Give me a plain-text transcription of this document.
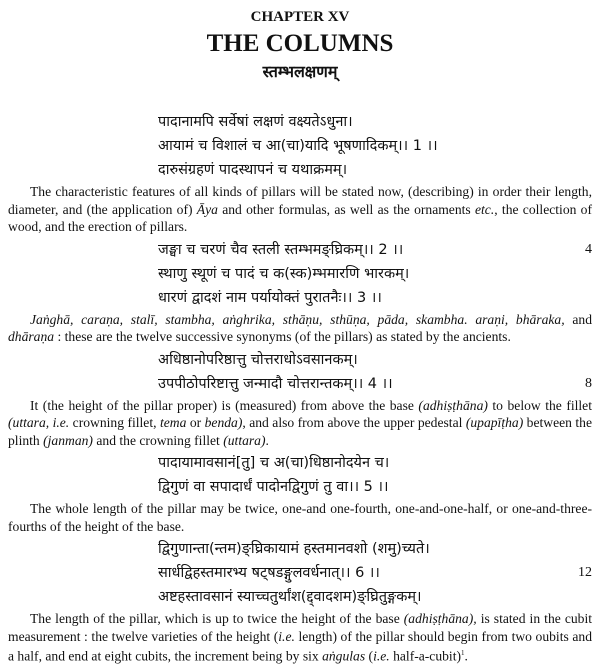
CHAPTER XV
THE COLUMNS
स्तम्भलक्षणम्
पादानामपि सर्वेषां लक्षणं वक्ष्यतेऽधुना।
आयामं च विशालं च आ(चा)यादि भूषणादिकम्।। 1 ।।
दारुसंग्रहणं पादस्थापनं च यथाक्रमम्।
The characteristic features of all kinds of pillars will be stated now, (describing) in order their length, diameter, and (the application of) Āya and other formulas, as well as the ornaments etc., the collection of wood, and the erection of pillars.
जङ्घा च चरणं चैव स्तली स्तम्भमङ्घ्रिकम्।। 2 ।।	4
स्थाणु स्थूणं च पादं च क(स्क)म्भमारणि भारकम्।
धारणं द्वादशं नाम पर्यायोक्तं पुरातनैः।। 3 ।।
Jaṅghā, caraṇa, stalī, stambha, aṅghrika, sthāṇu, sthūṇa, pāda, skambha. araṇi, bhāraka, and dhāraṇa : these are the twelve successive synonyms (of the pillars) as stated by the ancients.
अधिष्ठानोपरिष्ठात्तु चोत्तराधोऽवसानकम्।
उपपीठोपरिष्टात्तु जन्मादौ चोत्तरान्तकम्।। 4 ।।	8
It (the height of the pillar proper) is (measured) from above the base (adhiṣṭhāna) to below the fillet (uttara, i.e. crowning fillet, tema or benda), and also from above the upper pedestal (upapīṭha) between the plinth (janman) and the crowning fillet (uttara).
पादायामावसानं[तु] च अ(चा)धिष्ठानोदयेन च।
द्विगुणं वा सपादार्धं पादोनद्विगुणं तु वा।। 5 ।।
The whole length of the pillar may be twice, one-and one-fourth, one-and-one-half, or one-and-three-fourths of the height of the base.
द्विगुणान्ता(न्तम)ङ्घ्रिकायामं हस्तमानवशो (शमु)च्यते।
सार्धद्विहस्तमारभ्य षट्षडङ्गुलवर्धनात्।। 6 ।।	12
अष्टहस्तावसानं स्याच्चतुर्थांश(द्द्वादशम)ङ्घ्रितुङ्गकम्।
The length of the pillar, which is up to twice the height of the base (adhiṣṭhāna), is stated in the cubit measurement : the twelve varieties of the height (i.e. length) of the pillar should begin from two oubits and a half, and end at eight cubits, the increment being by six aṅgulas (i.e. half-a-cubit)$^1$.
